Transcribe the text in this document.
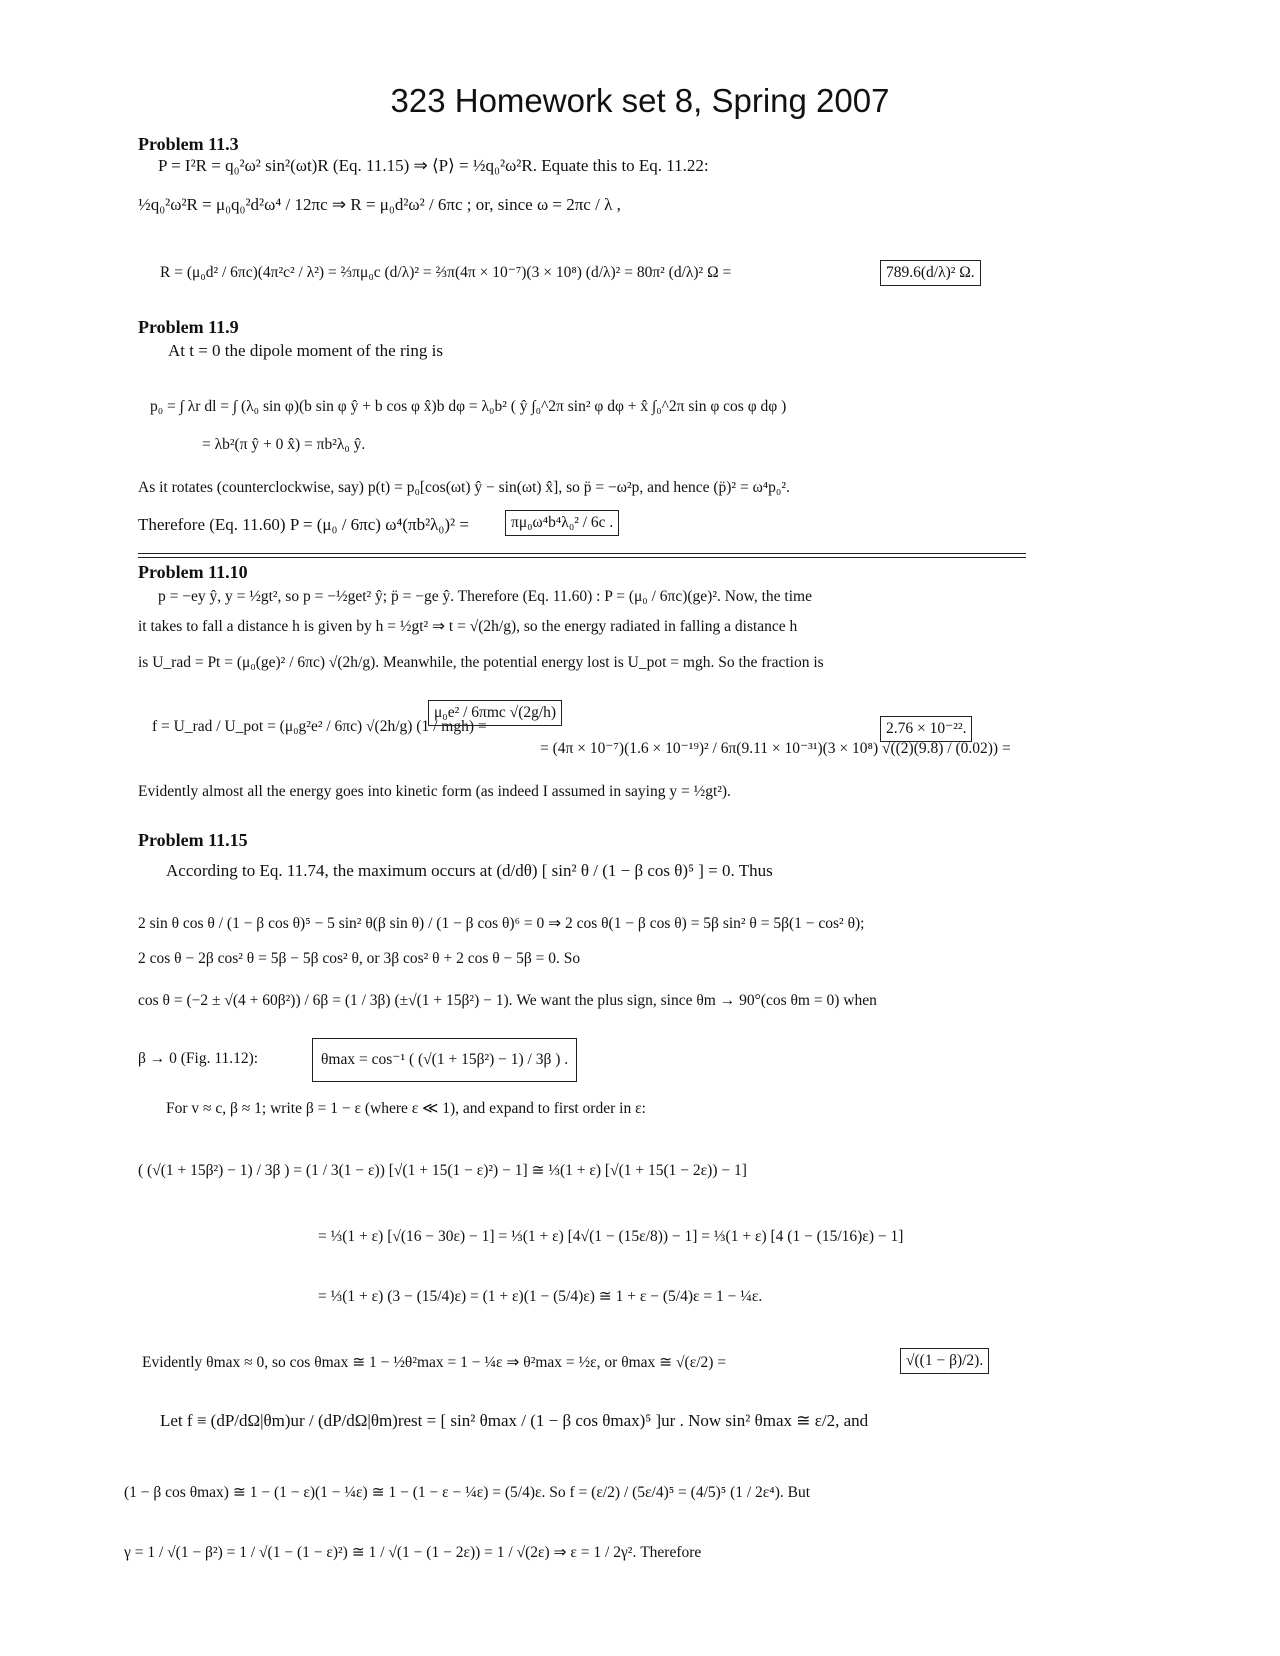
323 Homework set 8, Spring 2007
Problem 11.3
P = I²R = q₀²ω² sin²(ωt)R (Eq. 11.15) ⇒ ⟨P⟩ = ½q₀²ω²R. Equate this to Eq. 11.22:
½q₀²ω²R = μ₀q₀²d²ω⁴ / 12πc ⇒ R = μ₀d²ω² / 6πc ; or, since ω = 2πc / λ ,
R = (μ₀d² / 6πc)(4π²c² / λ²) = ⅔πμ₀c (d/λ)² = ⅔π(4π × 10⁻⁷)(3 × 10⁸) (d/λ)² = 80π² (d/λ)² Ω =	789.6(d/λ)² Ω.
Problem 11.9
At t = 0 the dipole moment of the ring is
p₀ = ∫ λr dl = ∫ (λ₀ sin φ)(b sin φ ŷ + b cos φ x̂)b dφ = λ₀b² ( ŷ ∫₀^2π sin² φ dφ + x̂ ∫₀^2π sin φ cos φ dφ )
= λb²(π ŷ + 0 x̂) = πb²λ₀ ŷ.
As it rotates (counterclockwise, say) p(t) = p₀[cos(ωt) ŷ − sin(ωt) x̂], so p̈ = −ω²p, and hence (p̈)² = ω⁴p₀².
Therefore (Eq. 11.60) P = (μ₀ / 6πc) ω⁴(πb²λ₀)² =	πμ₀ω⁴b⁴λ₀² / 6c .
Problem 11.10
p = −ey ŷ, y = ½gt², so p = −½get² ŷ; p̈ = −ge ŷ. Therefore (Eq. 11.60) : P = (μ₀ / 6πc)(ge)². Now, the time
it takes to fall a distance h is given by h = ½gt² ⇒ t = √(2h/g), so the energy radiated in falling a distance h
is U_rad = Pt = (μ₀(ge)² / 6πc) √(2h/g). Meanwhile, the potential energy lost is U_pot = mgh. So the fraction is
f = U_rad / U_pot = (μ₀g²e² / 6πc) √(2h/g) (1 / mgh) =
μ₀e² / 6πmc √(2g/h)
= (4π × 10⁻⁷)(1.6 × 10⁻¹⁹)² / 6π(9.11 × 10⁻³¹)(3 × 10⁸) √((2)(9.8) / (0.02)) =
2.76 × 10⁻²².
Evidently almost all the energy goes into kinetic form (as indeed I assumed in saying y = ½gt²).
Problem 11.15
According to Eq. 11.74, the maximum occurs at (d/dθ) [ sin² θ / (1 − β cos θ)⁵ ] = 0. Thus
2 sin θ cos θ / (1 − β cos θ)⁵ − 5 sin² θ(β sin θ) / (1 − β cos θ)⁶ = 0 ⇒ 2 cos θ(1 − β cos θ) = 5β sin² θ = 5β(1 − cos² θ);
2 cos θ − 2β cos² θ = 5β − 5β cos² θ, or 3β cos² θ + 2 cos θ − 5β = 0. So
cos θ = (−2 ± √(4 + 60β²)) / 6β = (1 / 3β) (±√(1 + 15β²) − 1). We want the plus sign, since θm → 90°(cos θm = 0) when
β → 0 (Fig. 11.12):	θmax = cos⁻¹ ( (√(1 + 15β²) − 1) / 3β ) .
For v ≈ c, β ≈ 1; write β = 1 − ε (where ε ≪ 1), and expand to first order in ε:
( (√(1 + 15β²) − 1) / 3β ) = (1 / 3(1 − ε)) [√(1 + 15(1 − ε)²) − 1] ≅ ⅓(1 + ε) [√(1 + 15(1 − 2ε)) − 1]
= ⅓(1 + ε) [√(16 − 30ε) − 1] = ⅓(1 + ε) [4√(1 − (15ε/8)) − 1] = ⅓(1 + ε) [4 (1 − (15/16)ε) − 1]
= ⅓(1 + ε) (3 − (15/4)ε) = (1 + ε)(1 − (5/4)ε) ≅ 1 + ε − (5/4)ε = 1 − ¼ε.
Evidently θmax ≈ 0, so cos θmax ≅ 1 − ½θ²max = 1 − ¼ε ⇒ θ²max = ½ε, or θmax ≅ √(ε/2) =	√((1 − β)/2).
Let f ≡ (dP/dΩ|θm)ur / (dP/dΩ|θm)rest = [ sin² θmax / (1 − β cos θmax)⁵ ]ur . Now sin² θmax ≅ ε/2, and
(1 − β cos θmax) ≅ 1 − (1 − ε)(1 − ¼ε) ≅ 1 − (1 − ε − ¼ε) = (5/4)ε. So f = (ε/2) / (5ε/4)⁵ = (4/5)⁵ (1 / 2ε⁴). But
γ = 1 / √(1 − β²) = 1 / √(1 − (1 − ε)²) ≅ 1 / √(1 − (1 − 2ε)) = 1 / √(2ε) ⇒ ε = 1 / 2γ². Therefore
